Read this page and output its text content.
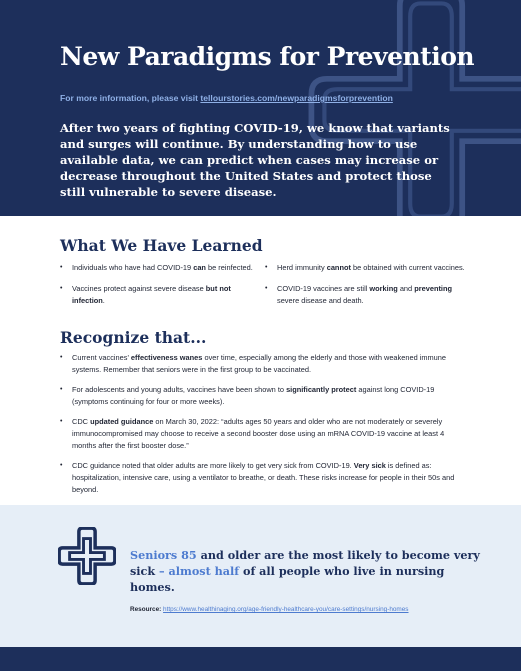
New Paradigms for Prevention

For more information, please visit tellourstories.com/newparadigmsforprevention

After two years of fighting COVID-19, we know that variants and surges will continue. By understanding how to use available data, we can predict when cases may increase or decrease throughout the United States and protect those still vulnerable to severe disease.

What We Have Learned
• Individuals who have had COVID-19 can be reinfected.
•	Herd immunity cannot be obtained with current vaccines.
• Vaccines protect against severe disease but not infection.
• COVID-19 vaccines are still working and preventing severe disease and death.
Recognize that...
• Current vaccines' effectiveness wanes over time, especially among the elderly and those with weakened immune systems. Remember that seniors were in the first group to be vaccinated.
• For adolescents and young adults, vaccines have been shown to significantly protect against long COVID-19 (symptoms continuing for four or more weeks).
• CDC updated guidance on March 30, 2022: “adults ages 50 years and older who are not moderately or severely immunocompromised may choose to receive a second booster dose using an mRNA COVID-19 vaccine at least 4 months after the first booster dose.”
• CDC guidance noted that older adults are more likely to get very sick from COVID-19. Very sick is defined as: hospitalization, intensive care, using a ventilator to breathe, or death. These risks increase for people in their 50s and beyond.

Seniors 85 and older are the most likely to become very sick – almost half of all people who live in nursing homes.

Resource: https://www.healthinaging.org/age-friendly-healthcare-you/care-settings/nursing-homes
